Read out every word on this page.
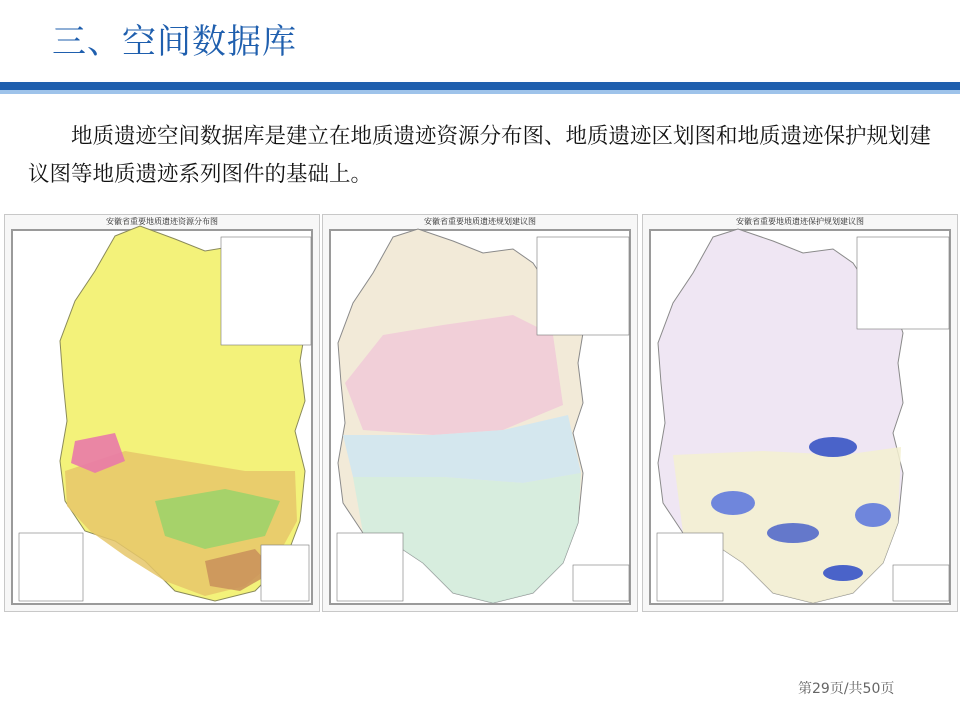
三、空间数据库
地质遗迹空间数据库是建立在地质遗迹资源分布图、地质遗迹区划图和地质遗迹保护规划建议图等地质遗迹系列图件的基础上。
安徽省重要地质遗迹资源分布图	安徽省重要地质遗迹规划建议图	安徽省重要地质遗迹保护规划建议图
第29页/共50页
